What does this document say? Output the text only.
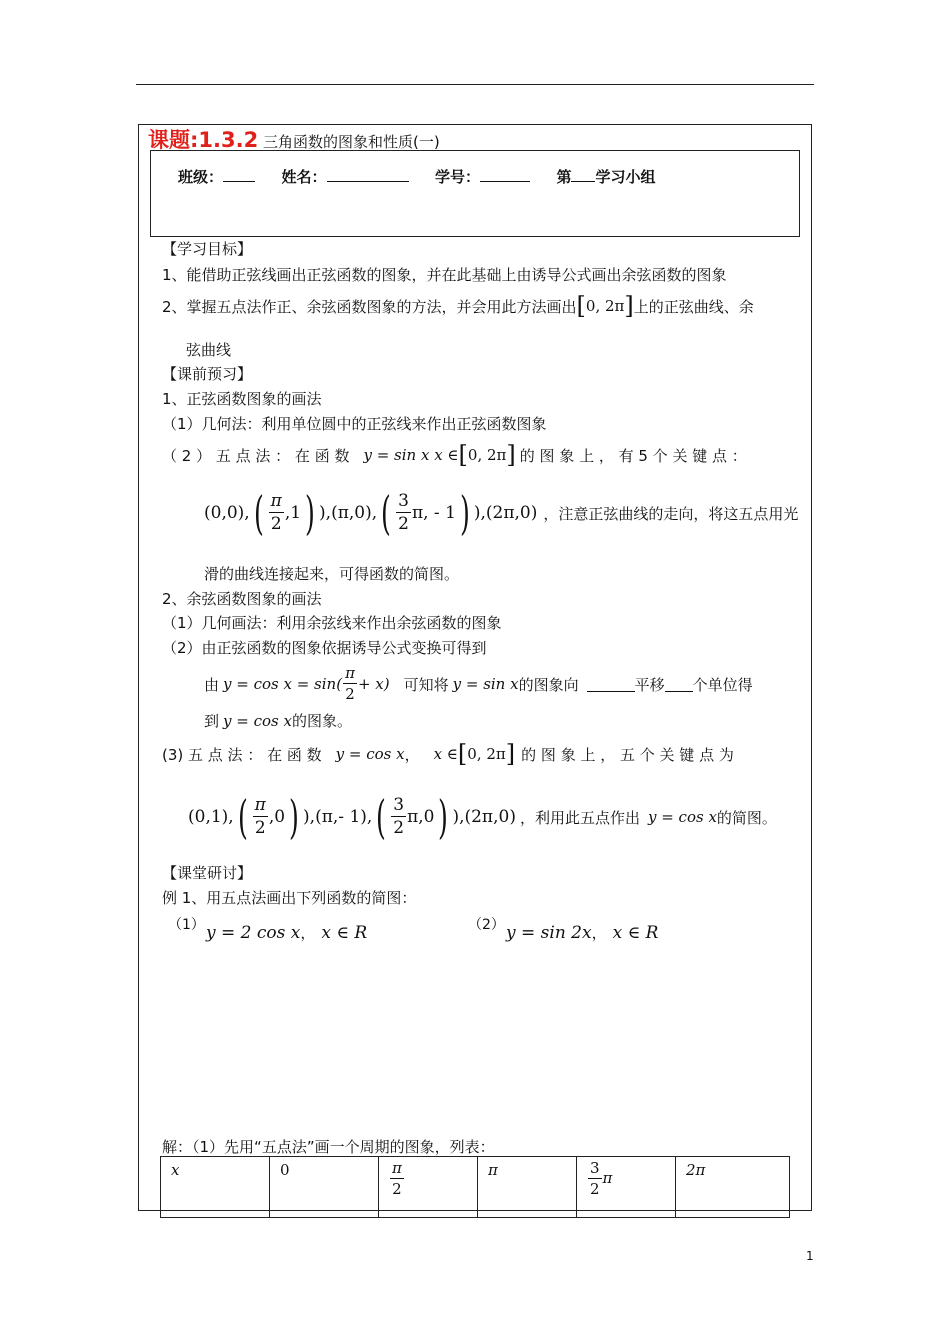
课题:1.3.2 三角函数的图象和性质(一)
班级：	姓名：	学号：	第 学习小组
【学习目标】
1、能借助正弦线画出正弦函数的图象，并在此基础上由诱导公式画出余弦函数的图象
2、掌握五点法作正、余弦函数图象的方法，并会用此方法画出 [ 0, 2π ] 上的正弦曲线、余
弦曲线
【课前预习】
1、正弦函数图象的画法
（1）几何法：利用单位圆中的正弦线来作出正弦函数图象
（ 2 ） 五 点 法 ： 在 函 数 y = sin x x ∈ [ 0, 2π ] 的 图 象 上 ， 有 5 个 关 键 点 ：
(0,0), ( $\frac{\pi}{2} ,1$ ) ),(π,0), ( $\frac{3}{2} \pi$, - 1 ) ),(2π,0) ，注意正弦曲线的走向，将这五点用光
滑的曲线连接起来，可得函数的简图。
2、余弦函数图象的画法
（1）几何画法：利用余弦线来作出余弦函数的图象
（2）由正弦函数的图象依据诱导公式变换可得到
由 $y = \cos x = \sin( \frac{\pi}{2} + x)$ 可知将 y = sin x 的图象向	平移 个单位得
到 y = cos x的图象。
(3) 五 点 法 ： 在 函 数 y = cos x ， x ∈ [ 0, 2π ] 的 图 象 上 ， 五 个 关 键 点 为
(0,1), ( $\frac{\pi}{2} ,0$ ) ),(π,- 1), ( $\frac{3}{2} \pi,0$ ) ),(2π,0) ，利用此五点作出 y = cos x 的简图。
【课堂研讨】
例 1、用五点法画出下列函数的简图：
（1） y = 2 cos x ， x ∈ R	（2） y = sin 2x ， x ∈ R
解：（1）先用“五点法”画一个周期的图象，列表：
x	0	$\frac{\pi}{2}$	π	$\frac{3}{2}$ π	2π
1
